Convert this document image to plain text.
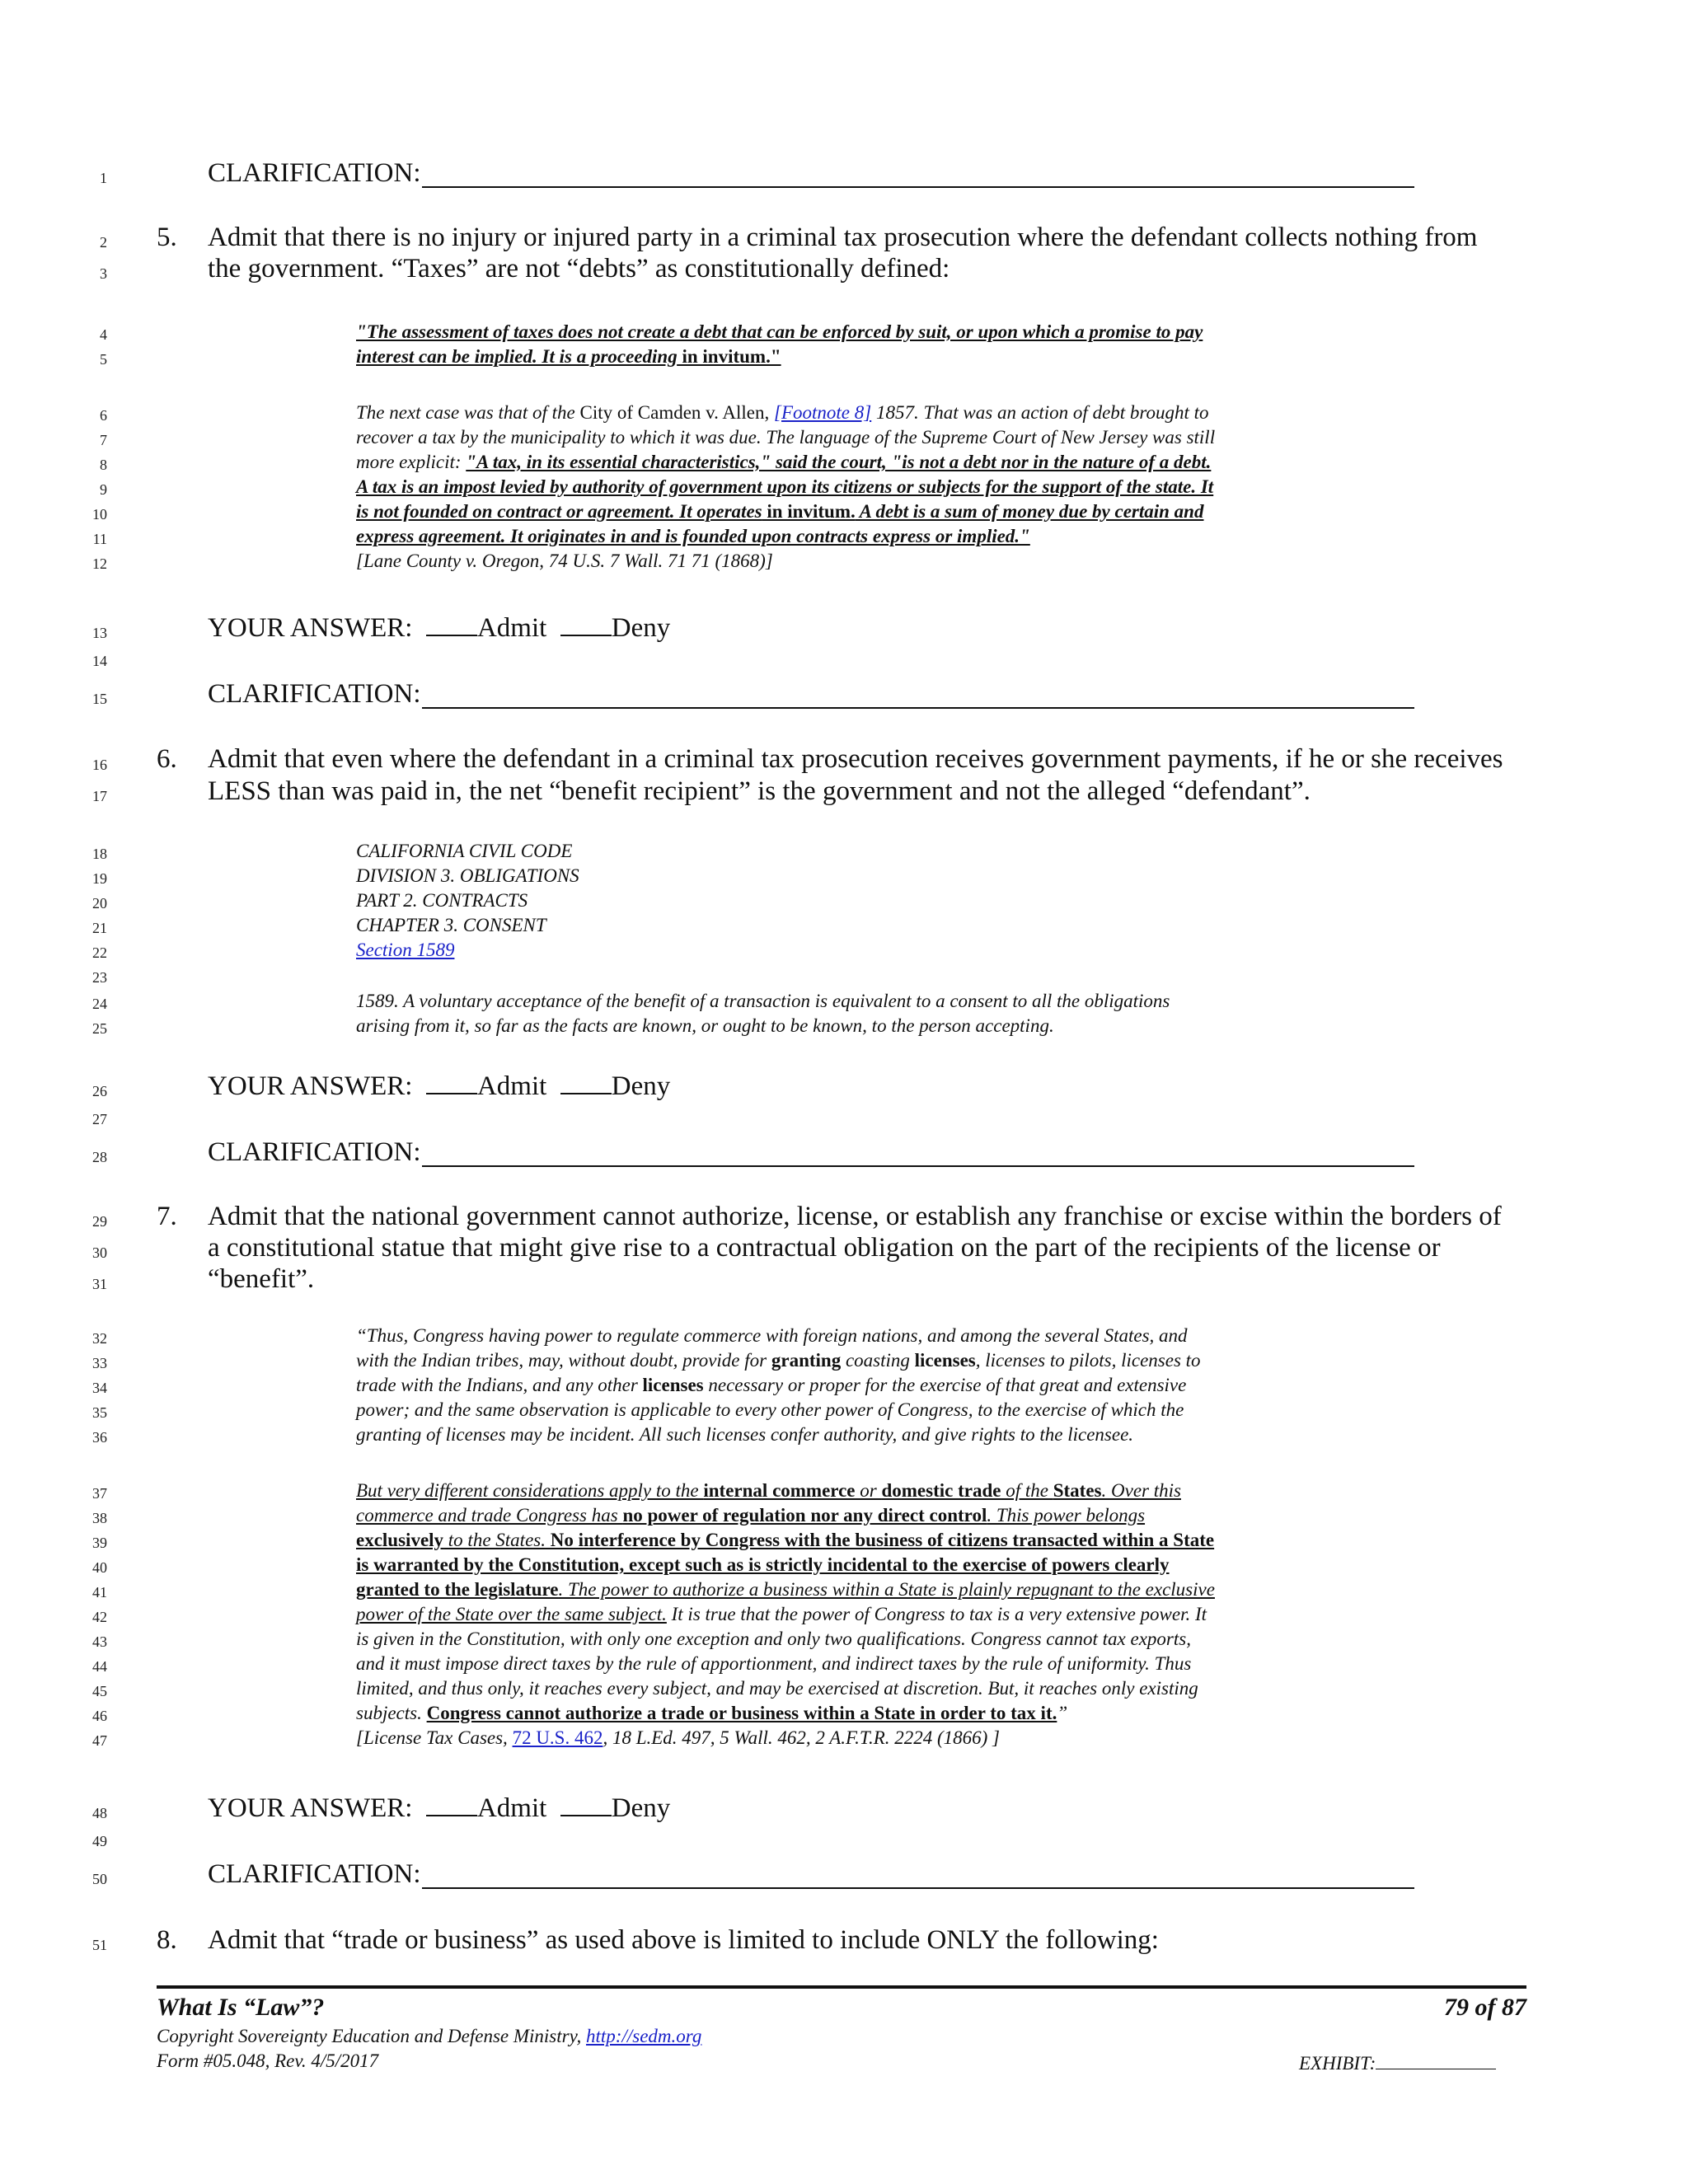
1
2
3
4
5
6
7
8
9
10
11
12
13
14
15
16
17
18
19
20
21
22
23
24
25
26
27
28
29
30
31
32
33
34
35
36
37
38
39
40
41
42
43
44
45
46
47
48
49
50
51
CLARIFICATION:
5. Admit that there is no injury or injured party in a criminal tax prosecution where the defendant collects nothing from
the government. “Taxes” are not “debts” as constitutionally defined:
"The assessment of taxes does not create a debt that can be enforced by suit, or upon which a promise to pay
interest can be implied. It is a proceeding in invitum."
The next case was that of the City of Camden v. Allen, [Footnote 8] 1857. That was an action of debt brought to
recover a tax by the municipality to which it was due. The language of the Supreme Court of New Jersey was still
more explicit: "A tax, in its essential characteristics," said the court, "is not a debt nor in the nature of a debt.
A tax is an impost levied by authority of government upon its citizens or subjects for the support of the state. It
is not founded on contract or agreement. It operates in invitum. A debt is a sum of money due by certain and
express agreement. It originates in and is founded upon contracts express or implied."
[Lane County v. Oregon, 74 U.S. 7 Wall. 71 71 (1868)]
YOUR ANSWER: Admit Deny
CLARIFICATION:
6. Admit that even where the defendant in a criminal tax prosecution receives government payments, if he or she receives
LESS than was paid in, the net “benefit recipient” is the government and not the alleged “defendant”.
CALIFORNIA CIVIL CODE
DIVISION 3. OBLIGATIONS
PART 2. CONTRACTS
CHAPTER 3. CONSENT
Section 1589
1589. A voluntary acceptance of the benefit of a transaction is equivalent to a consent to all the obligations
arising from it, so far as the facts are known, or ought to be known, to the person accepting.
YOUR ANSWER: Admit Deny
CLARIFICATION:
7. Admit that the national government cannot authorize, license, or establish any franchise or excise within the borders of
a constitutional statue that might give rise to a contractual obligation on the part of the recipients of the license or
“benefit”.
“Thus, Congress having power to regulate commerce with foreign nations, and among the several States, and
with the Indian tribes, may, without doubt, provide for granting coasting licenses, licenses to pilots, licenses to
trade with the Indians, and any other licenses necessary or proper for the exercise of that great and extensive
power; and the same observation is applicable to every other power of Congress, to the exercise of which the
granting of licenses may be incident. All such licenses confer authority, and give rights to the licensee.
But very different considerations apply to the internal commerce or domestic trade of the States. Over this
commerce and trade Congress has no power of regulation nor any direct control. This power belongs
exclusively to the States. No interference by Congress with the business of citizens transacted within a State
is warranted by the Constitution, except such as is strictly incidental to the exercise of powers clearly
granted to the legislature. The power to authorize a business within a State is plainly repugnant to the exclusive
power of the State over the same subject. It is true that the power of Congress to tax is a very extensive power. It
is given in the Constitution, with only one exception and only two qualifications. Congress cannot tax exports,
and it must impose direct taxes by the rule of apportionment, and indirect taxes by the rule of uniformity. Thus
limited, and thus only, it reaches every subject, and may be exercised at discretion. But, it reaches only existing
subjects. Congress cannot authorize a trade or business within a State in order to tax it.”
[License Tax Cases, 72 U.S. 462, 18 L.Ed. 497, 5 Wall. 462, 2 A.F.T.R. 2224 (1866) ]
YOUR ANSWER: Admit Deny
CLARIFICATION:
8. Admit that “trade or business” as used above is limited to include ONLY the following:
What Is “Law”?	79 of 87
Copyright Sovereignty Education and Defense Ministry, http://sedm.org
Form #05.048, Rev. 4/5/2017	EXHIBIT:
